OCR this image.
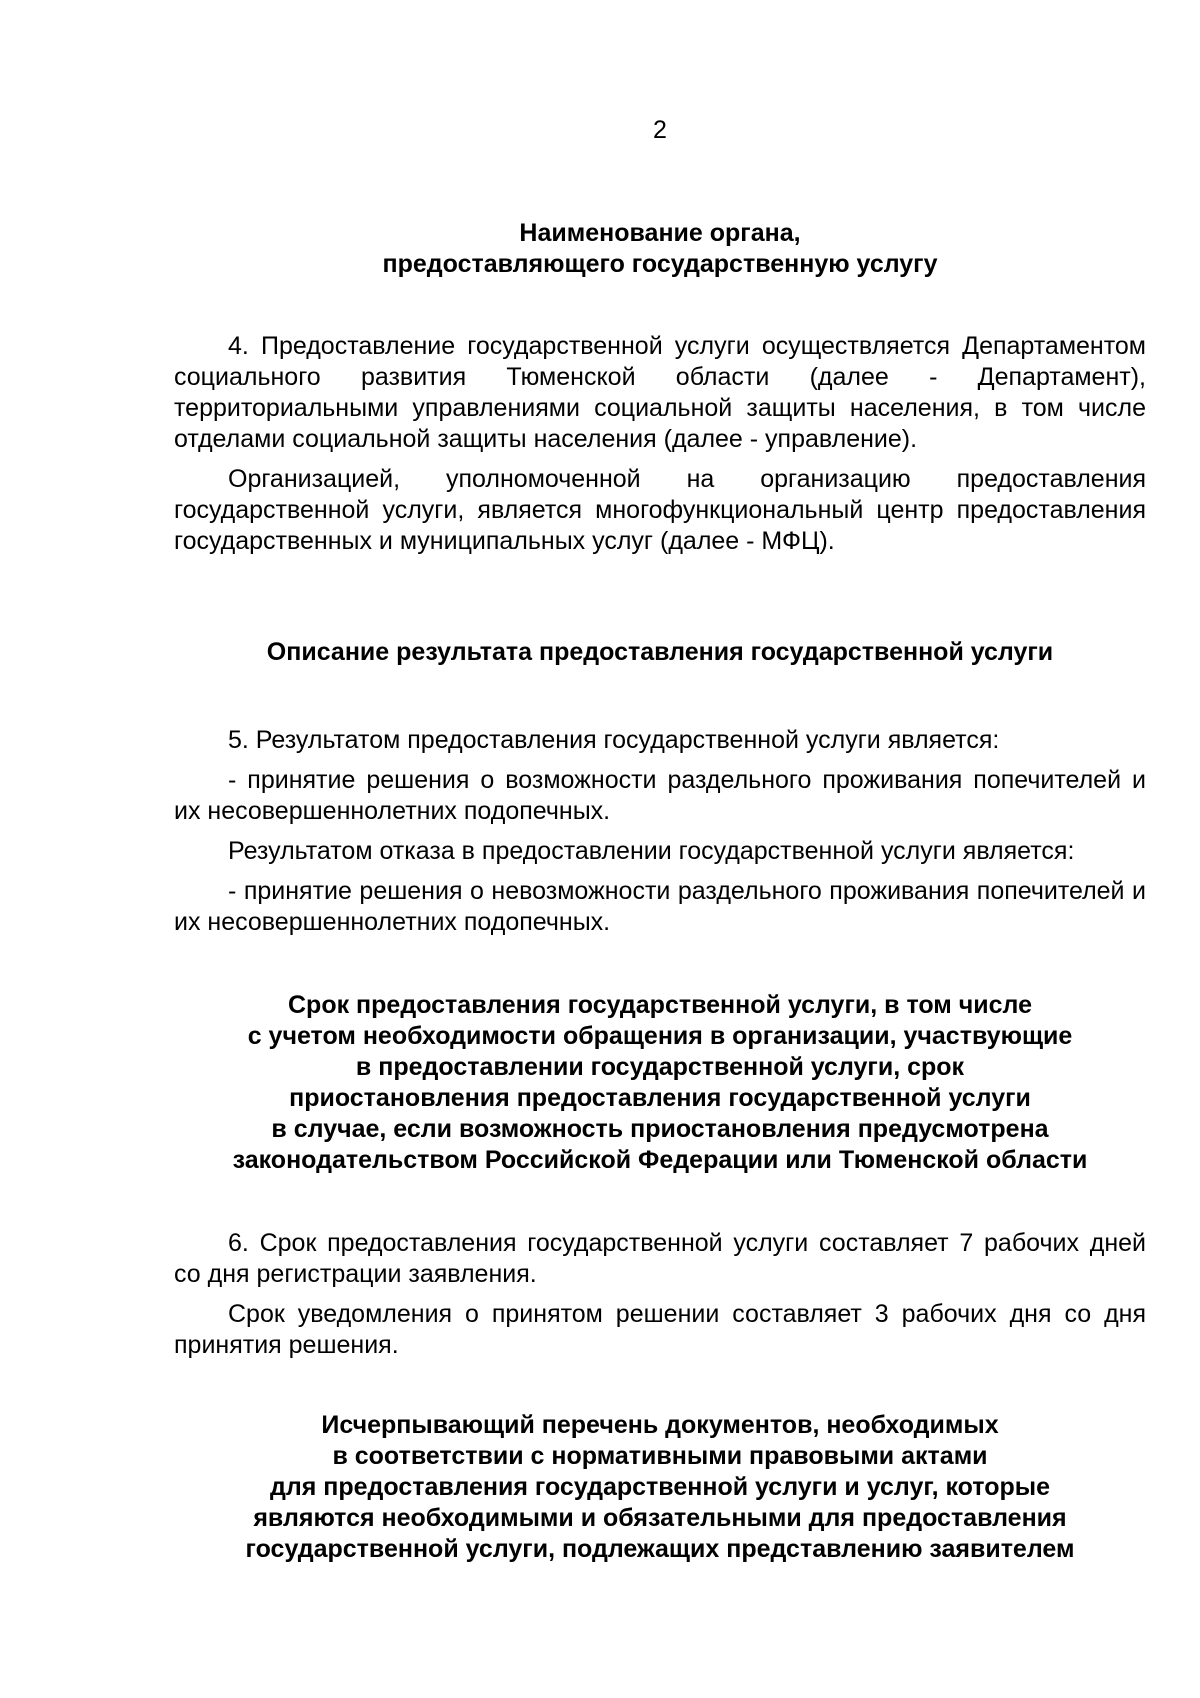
2
Наименование органа,
предоставляющего государственную услугу

4. Предоставление государственной услуги осуществляется Департаментом социального развития Тюменской области (далее - Департамент), территориальными управлениями социальной защиты населения, в том числе отделами социальной защиты населения (далее - управление).

Организацией, уполномоченной на организацию предоставления государственной услуги, является многофункциональный центр предоставления государственных и муниципальных услуг (далее - МФЦ).

Описание результата предоставления государственной услуги

5. Результатом предоставления государственной услуги является:

- принятие решения о возможности раздельного проживания попечителей и их несовершеннолетних подопечных.

Результатом отказа в предоставлении государственной услуги является:

- принятие решения о невозможности раздельного проживания попечителей и их несовершеннолетних подопечных.

Срок предоставления государственной услуги, в том числе
с учетом необходимости обращения в организации, участвующие
в предоставлении государственной услуги, срок
приостановления предоставления государственной услуги
в случае, если возможность приостановления предусмотрена
законодательством Российской Федерации или Тюменской области

6. Срок предоставления государственной услуги составляет 7 рабочих дней со дня регистрации заявления.

Срок уведомления о принятом решении составляет 3 рабочих дня со дня принятия решения.

Исчерпывающий перечень документов, необходимых
в соответствии с нормативными правовыми актами
для предоставления государственной услуги и услуг, которые
являются необходимыми и обязательными для предоставления
государственной услуги, подлежащих представлению заявителем
